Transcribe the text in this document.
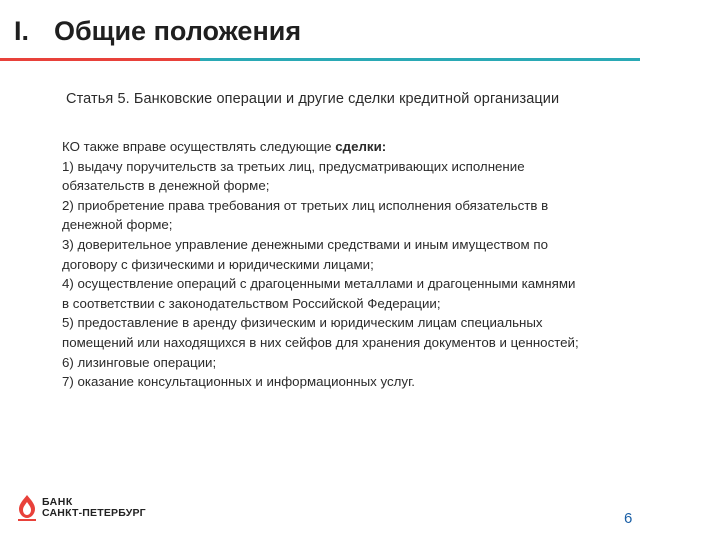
I. Общие положения
Статья 5. Банковские операции и другие сделки кредитной организации
КО также вправе осуществлять следующие сделки:
1) выдачу поручительств за третьих лиц, предусматривающих исполнение
обязательств в денежной форме;
2) приобретение права требования от третьих лиц исполнения обязательств в
денежной форме;
3) доверительное управление денежными средствами и иным имуществом по
договору с физическими и юридическими лицами;
4) осуществление операций с драгоценными металлами и драгоценными камнями
в соответствии с законодательством Российской Федерации;
5) предоставление в аренду физическим и юридическим лицам специальных
помещений или находящихся в них сейфов для хранения документов и ценностей;
6) лизинговые операции;
7) оказание консультационных и информационных услуг.
БАНК
САНКТ-ПЕТЕРБУРГ	6
